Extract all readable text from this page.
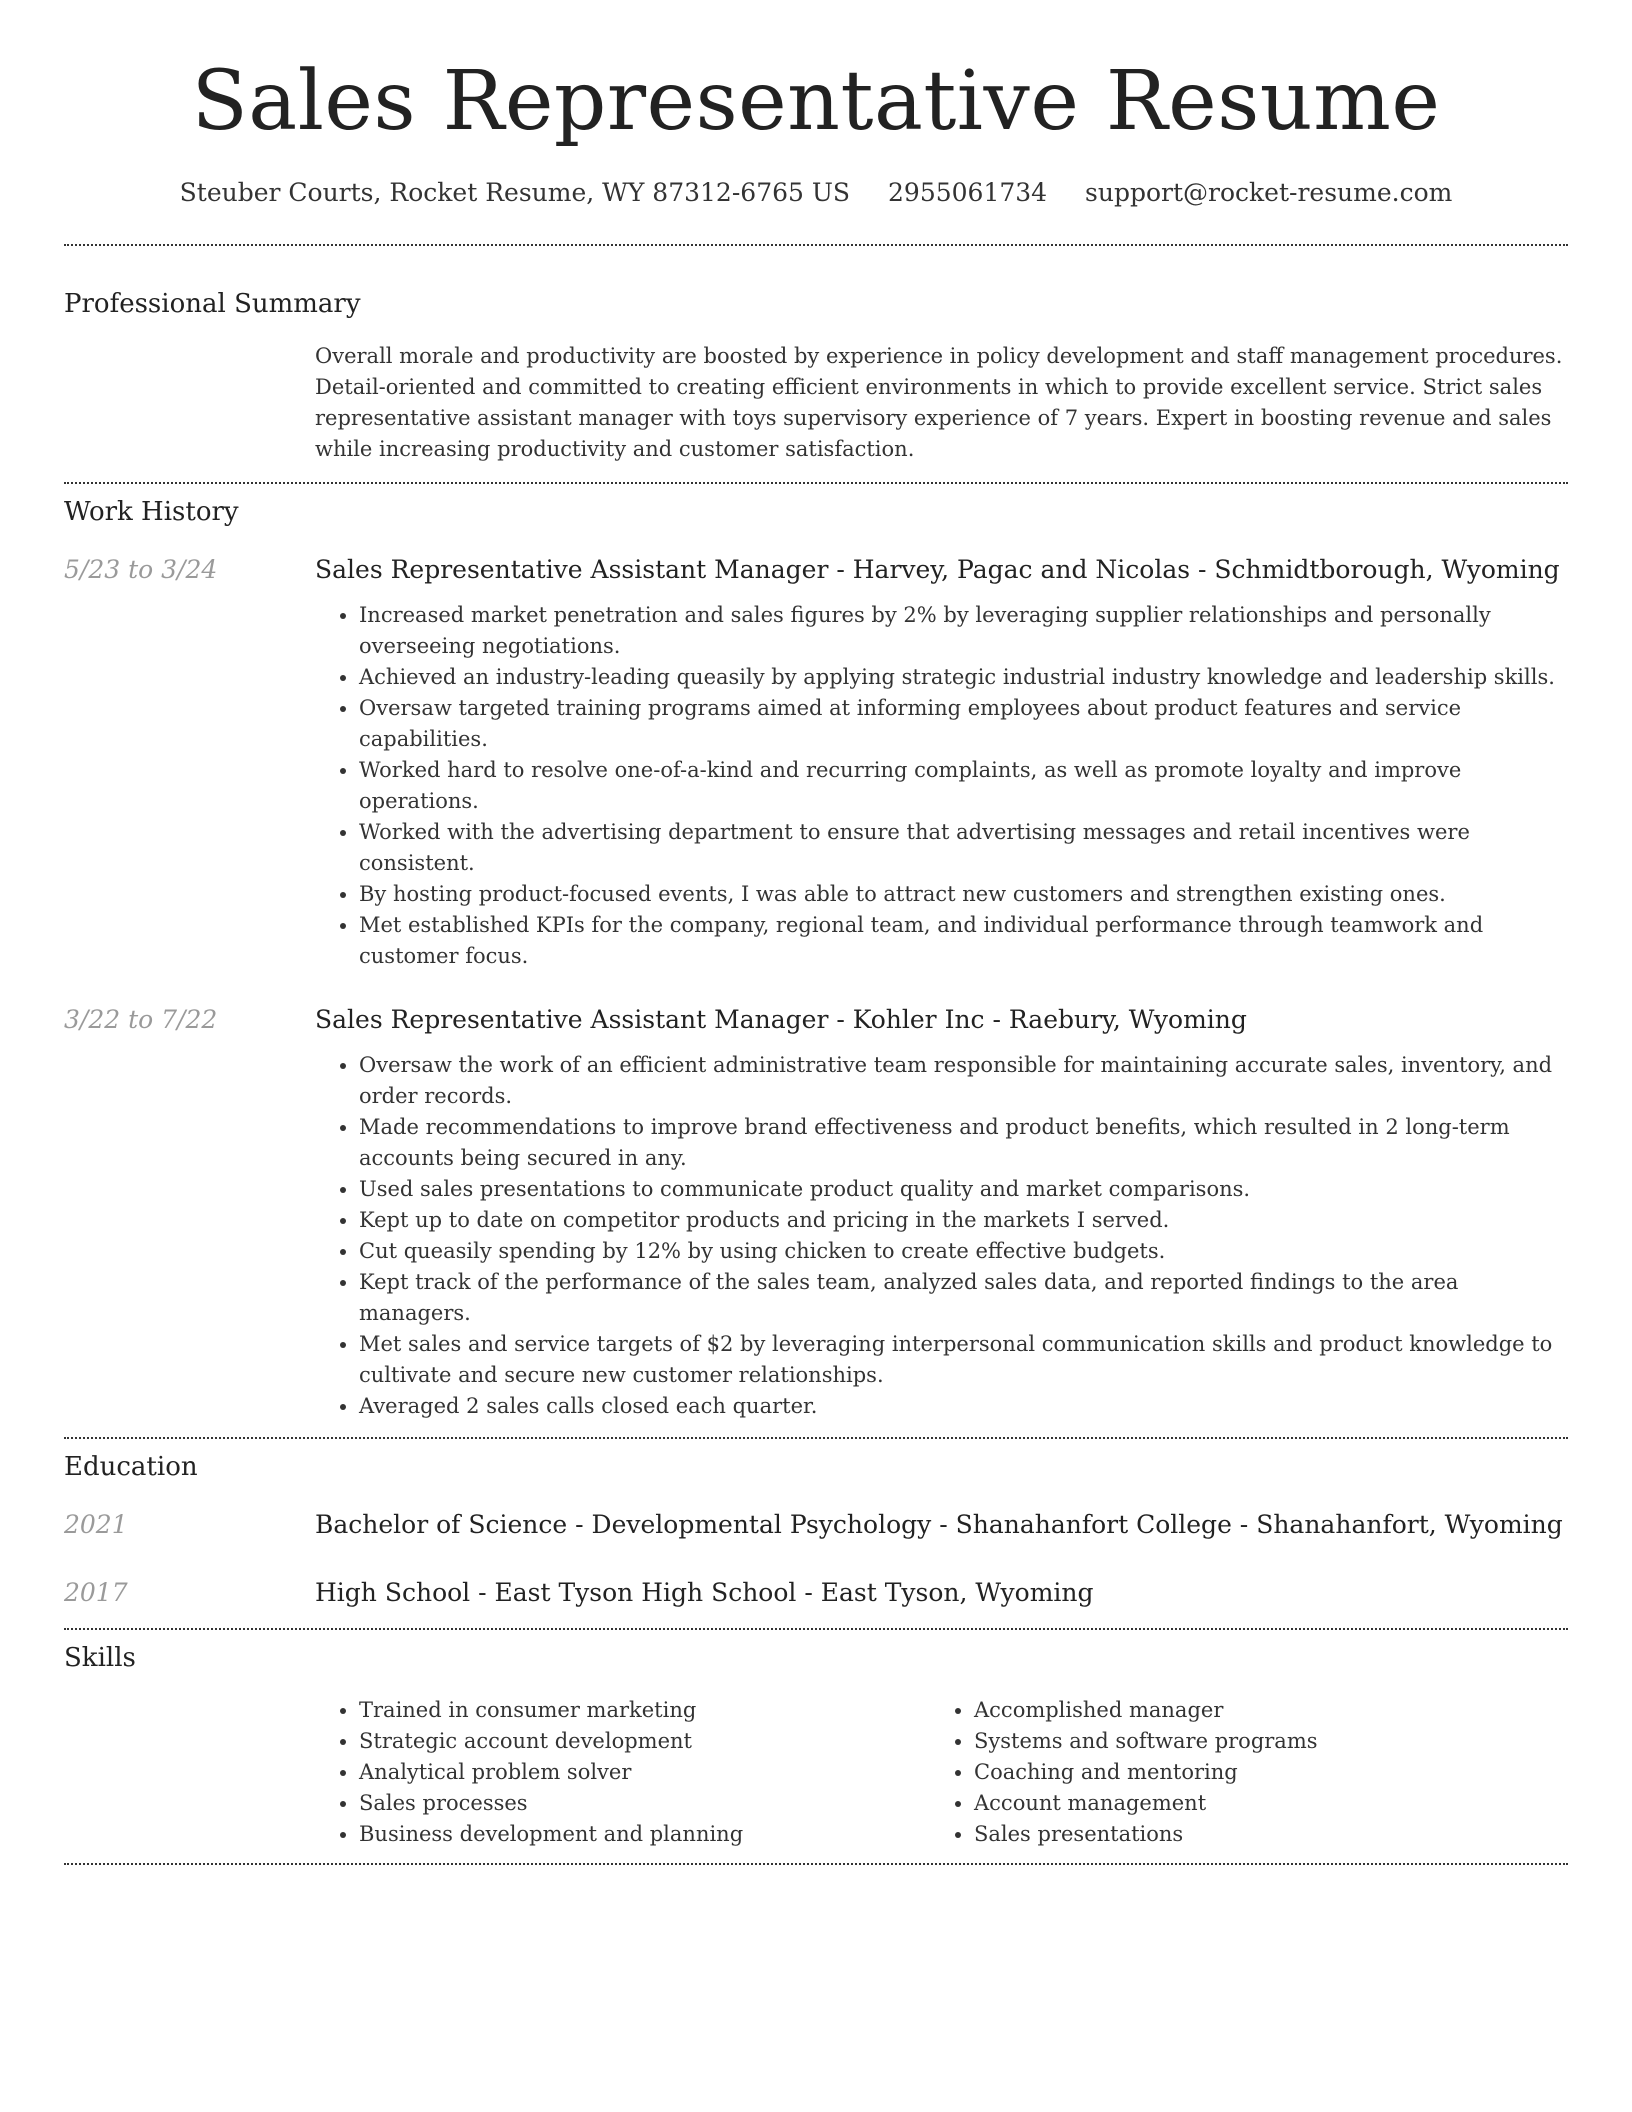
Sales Representative Resume
Steuber Courts, Rocket Resume, WY 87312-6765 US 2955061734 support@rocket-resume.com
Professional Summary
Overall morale and productivity are boosted by experience in policy development and staff management procedures. Detail-oriented and committed to creating efficient environments in which to provide excellent service. Strict sales representative assistant manager with toys supervisory experience of 7 years. Expert in boosting revenue and sales while increasing productivity and customer satisfaction.
Work History
5/23 to 3/24	Sales Representative Assistant Manager - Harvey, Pagac and Nicolas - Schmidtborough, Wyoming
• Increased market penetration and sales figures by 2% by leveraging supplier relationships and personally overseeing negotiations.
• Achieved an industry-leading queasily by applying strategic industrial industry knowledge and leadership skills.
• Oversaw targeted training programs aimed at informing employees about product features and service capabilities.
• Worked hard to resolve one-of-a-kind and recurring complaints, as well as promote loyalty and improve operations.
• Worked with the advertising department to ensure that advertising messages and retail incentives were consistent.
• By hosting product-focused events, I was able to attract new customers and strengthen existing ones.
• Met established KPIs for the company, regional team, and individual performance through teamwork and customer focus.
3/22 to 7/22	Sales Representative Assistant Manager - Kohler Inc - Raebury, Wyoming
• Oversaw the work of an efficient administrative team responsible for maintaining accurate sales, inventory, and order records.
• Made recommendations to improve brand effectiveness and product benefits, which resulted in 2 long-term accounts being secured in any.
• Used sales presentations to communicate product quality and market comparisons.
• Kept up to date on competitor products and pricing in the markets I served.
• Cut queasily spending by 12% by using chicken to create effective budgets.
• Kept track of the performance of the sales team, analyzed sales data, and reported findings to the area managers.
• Met sales and service targets of $2 by leveraging interpersonal communication skills and product knowledge to cultivate and secure new customer relationships.
• Averaged 2 sales calls closed each quarter.
Education
2021	Bachelor of Science - Developmental Psychology - Shanahanfort College - Shanahanfort, Wyoming
2017	High School - East Tyson High School - East Tyson, Wyoming
Skills
• Trained in consumer marketing
• Strategic account development
• Analytical problem solver
• Sales processes
• Business development and planning
• Accomplished manager
• Systems and software programs
• Coaching and mentoring
• Account management
• Sales presentations
